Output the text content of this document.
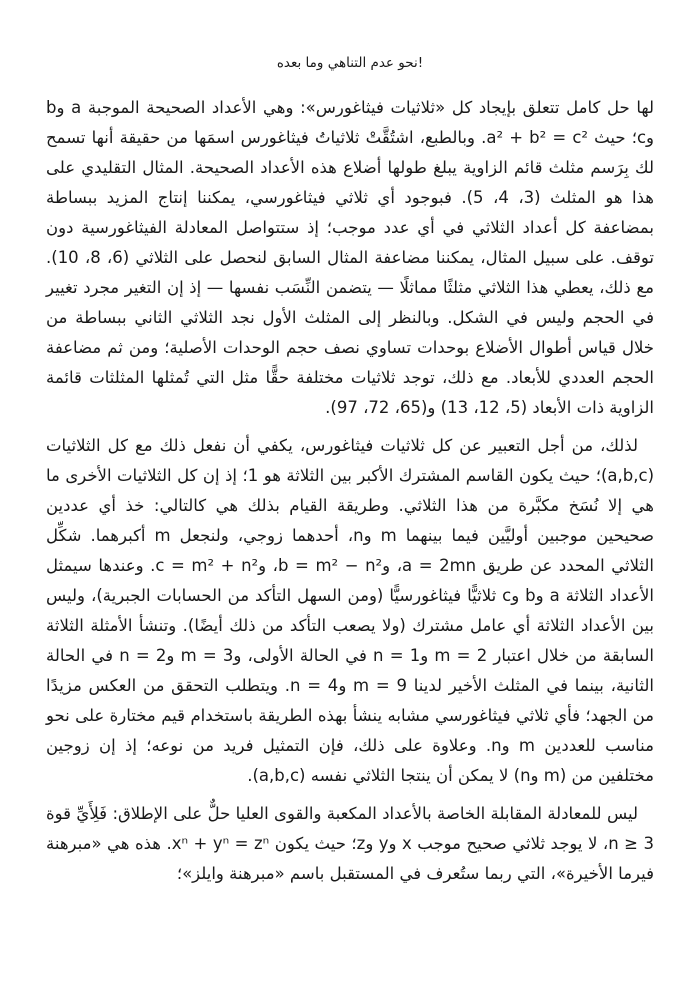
نحو عدم التناهي وما بعده!

لها حل كامل تتعلق بإيجاد كل «ثلاثيات فيثاغورس»: وهي الأعداد الصحيحة الموجبة a وb وc؛ حيث a² + b² = c². وبالطبع، اشتُقَّتْ ثلاثياتُ فيثاغورس اسمَها من حقيقة أنها تسمح لك بِرَسم مثلث قائم الزاوية يبلغ طولها أضلاع هذه الأعداد الصحيحة. المثال التقليدي على هذا هو المثلث (3، 4، 5). فبوجود أي ثلاثي فيثاغورسي، يمكننا إنتاج المزيد ببساطة بمضاعفة كل أعداد الثلاثي في أي عدد موجب؛ إذ ستتواصل المعادلة الفيثاغورسية دون توقف. على سبيل المثال، يمكننا مضاعفة المثال السابق لنحصل على الثلاثي (6، 8، 10). مع ذلك، يعطي هذا الثلاثي مثلثًا مماثلًا — يتضمن النِّسَب نفسها — إذ إن التغير مجرد تغيير في الحجم وليس في الشكل. وبالنظر إلى المثلث الأول نجد الثلاثي الثاني ببساطة من خلال قياس أطوال الأضلاع بوحدات تساوي نصف حجم الوحدات الأصلية؛ ومن ثم مضاعفة الحجم العددي للأبعاد. مع ذلك، توجد ثلاثيات مختلفة حقًّا مثل التي تُمثلها المثلثات قائمة الزاوية ذات الأبعاد (5، 12، 13) و(65، 72، 97).

لذلك، من أجل التعبير عن كل ثلاثيات فيثاغورس، يكفي أن نفعل ذلك مع كل الثلاثيات (a,b,c)؛ حيث يكون القاسم المشترك الأكبر بين الثلاثة هو 1؛ إذ إن كل الثلاثيات الأخرى ما هي إلا نُسَخ مكبَّرة من هذا الثلاثي. وطريقة القيام بذلك هي كالتالي: خذ أي عددين صحيحين موجبين أوليَّين فيما بينهما m وn، أحدهما زوجي، ولنجعل m أكبرهما. شكِّل الثلاثي المحدد عن طريق a = 2mn، وb = m² − n²، وc = m² + n². وعندها سيمثل الأعداد الثلاثة a وb وc ثلاثيًّا فيثاغورسيًّا (ومن السهل التأكد من الحسابات الجبرية)، وليس بين الأعداد الثلاثة أي عامل مشترك (ولا يصعب التأكد من ذلك أيضًا). وتنشأ الأمثلة الثلاثة السابقة من خلال اعتبار m = 2 وn = 1 في الحالة الأولى، وm = 3 وn = 2 في الحالة الثانية، بينما في المثلث الأخير لدينا m = 9 وn = 4. ويتطلب التحقق من العكس مزيدًا من الجهد؛ فأي ثلاثي فيثاغورسي مشابه ينشأ بهذه الطريقة باستخدام قيم مختارة على نحو مناسب للعددين m وn. وعلاوة على ذلك، فإن التمثيل فريد من نوعه؛ إذ إن زوجين مختلفين من (m وn) لا يمكن أن ينتجا الثلاثي نفسه (a,b,c).

ليس للمعادلة المقابلة الخاصة بالأعداد المكعبة والقوى العليا حلٌّ على الإطلاق: فَلِأَيِّ قوة n ≥ 3، لا يوجد ثلاثي صحيح موجب x وy وz؛ حيث يكون xⁿ + yⁿ = zⁿ. هذه هي «مبرهنة فيرما الأخيرة»، التي ربما ستُعرف في المستقبل باسم «مبرهنة وايلز»؛
